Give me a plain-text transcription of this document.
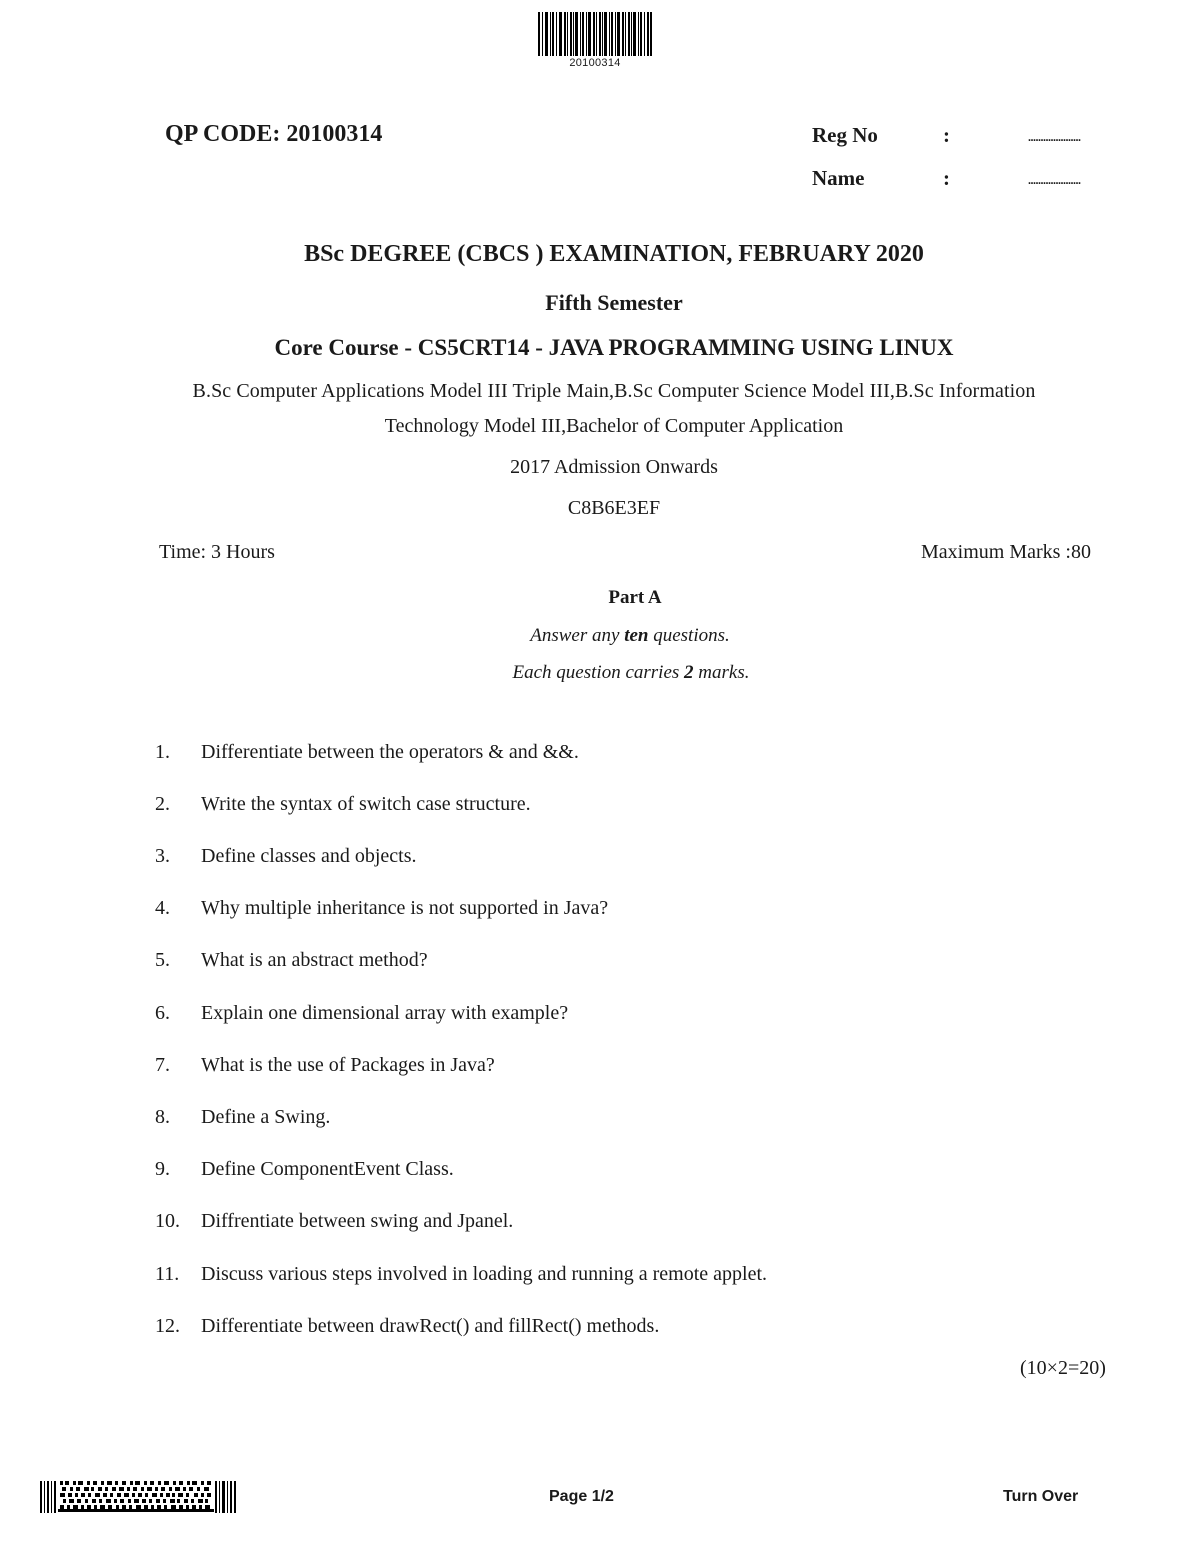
20100314
QP CODE: 20100314	Reg No	:	.....................
Name	:	.....................
BSc DEGREE (CBCS ) EXAMINATION, FEBRUARY 2020
Fifth Semester
Core Course - CS5CRT14 - JAVA PROGRAMMING USING LINUX
B.Sc Computer Applications Model III Triple Main,B.Sc Computer Science Model III,B.Sc Information
Technology Model III,Bachelor of Computer Application
2017 Admission Onwards
C8B6E3EF
Time: 3 Hours	Maximum Marks :80
Part A
Answer any ten questions.
Each question carries 2 marks.
1. Differentiate between the operators & and &&.
2. Write the syntax of switch case structure.
3. Define classes and objects.
4. Why multiple inheritance is not supported in Java?
5. What is an abstract method?
6. Explain one dimensional array with example?
7. What is the use of Packages in Java?
8. Define a Swing.
9. Define ComponentEvent Class.
10. Diffrentiate between swing and Jpanel.
11. Discuss various steps involved in loading and running a remote applet.
12. Differentiate between drawRect() and fillRect() methods.
(10×2=20)
Page 1/2	Turn Over
